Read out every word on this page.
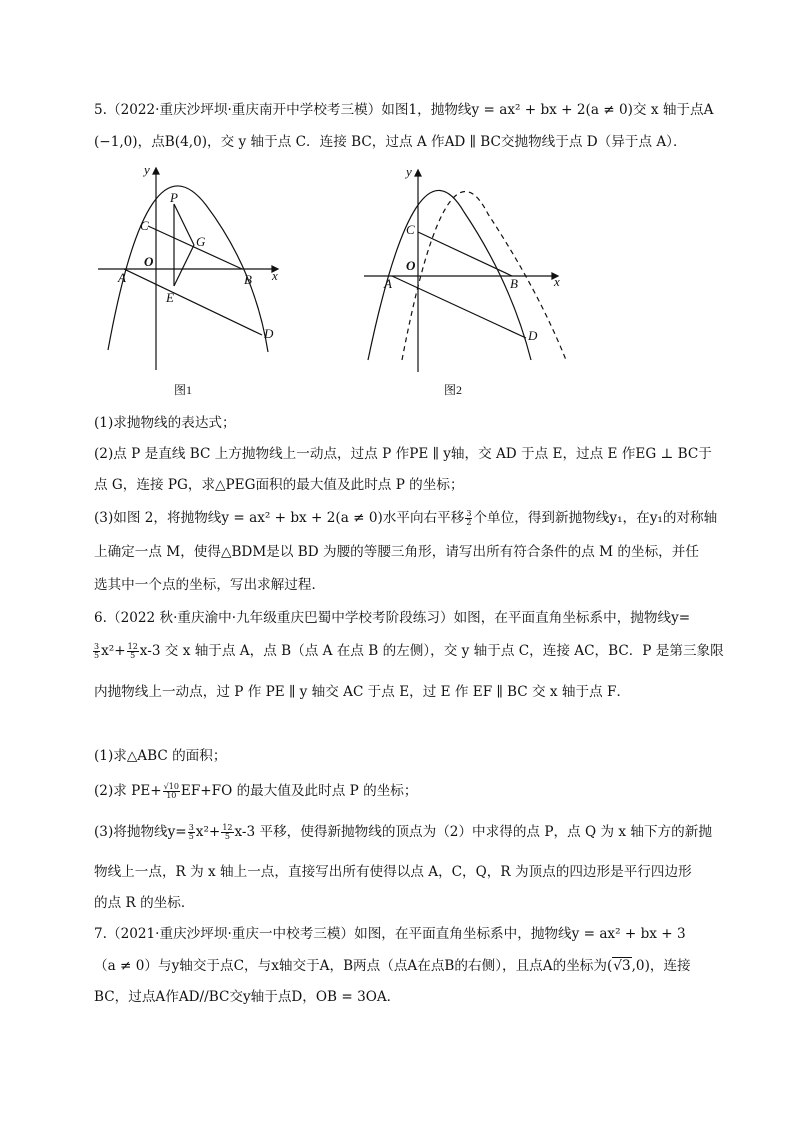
5.（2022·重庆沙坪坝·重庆南开中学校考三模）如图1，抛物线y = ax² + bx + 2(a ≠ 0)交 x 轴于点A
(−1,0)，点B(4,0)，交 y 轴于点 C．连接 BC，过点 A 作AD ∥ BC交抛物线于点 D（异于点 A）．
y
x
O
A	B
C
D
E
G
P
图1
y
x
O
A	B
C
D
图2
(1)求抛物线的表达式；
(2)点 P 是直线 BC 上方抛物线上一动点，过点 P 作PE ∥ y轴，交 AD 于点 E，过点 E 作EG ⊥ BC于
点 G，连接 PG，求△PEG面积的最大值及此时点 P 的坐标；
(3)如图 2，将抛物线y = ax² + bx + 2(a ≠ 0)水平向右平移 $\frac{3}{2}$ 个单位，得到新抛物线y₁，在y₁的对称轴
上确定一点 M，使得△BDM是以 BD 为腰的等腰三角形，请写出所有符合条件的点 M 的坐标，并任
选其中一个点的坐标，写出求解过程．
6.（2022 秋·重庆渝中·九年级重庆巴蜀中学校考阶段练习）如图，在平面直角坐标系中，抛物线y=
$\frac{3}{5} x^2+ \frac{12}{5} x-3$ 交 x 轴于点 A，点 B（点 A 在点 B 的左侧），交 y 轴于点 C，连接 AC，BC．P 是第三象限
内抛物线上一动点，过 P 作 PE ∥ y 轴交 AC 于点 E，过 E 作 EF ∥ BC 交 x 轴于点 F．
(1)求△ABC 的面积；
(2)求 $PE+ \frac{√10}{10} EF+FO$ 的最大值及此时点 P 的坐标；
(3)将抛物线$y= \frac{3}{5} x^2+ \frac{12}{5} x-3$ 平移，使得新抛物线的顶点为（2）中求得的点 P，点 Q 为 x 轴下方的新抛
物线上一点，R 为 x 轴上一点，直接写出所有使得以点 A，C，Q，R 为顶点的四边形是平行四边形
的点 R 的坐标．
7.（2021·重庆沙坪坝·重庆一中校考三模）如图，在平面直角坐标系中，抛物线y = ax² + bx + 3
（a ≠ 0）与y轴交于点C，与x轴交于A，B两点（点A在点B的右侧），且点A的坐标为(√3,0)，连接
BC，过点A作AD//BC交y轴于点D，OB = 3OA．
